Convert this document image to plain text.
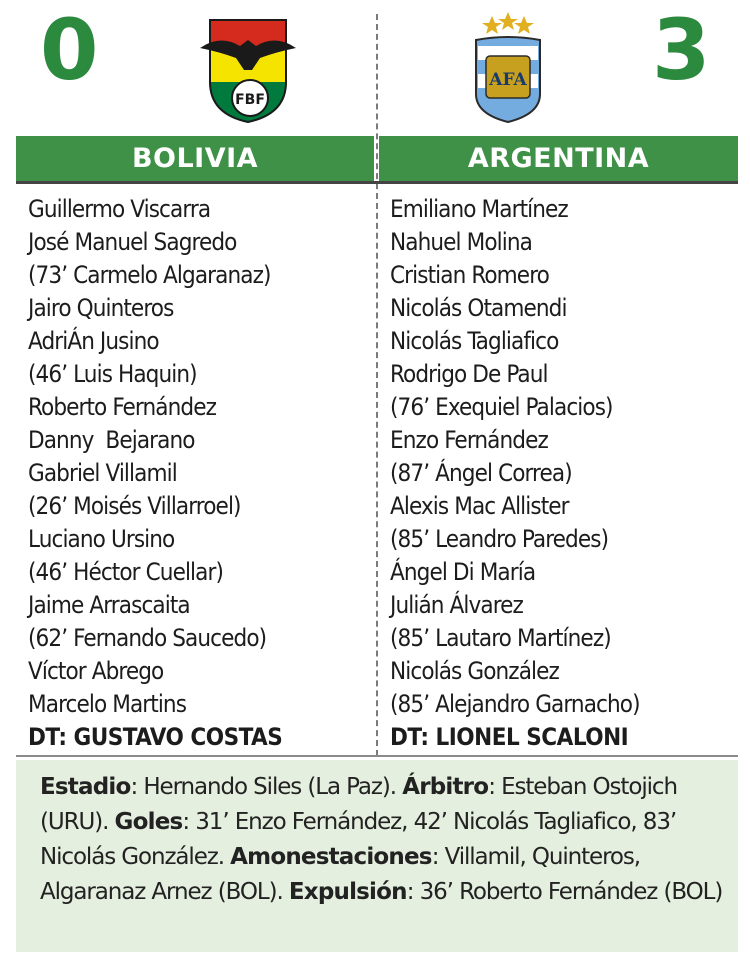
0	3
FBF
AFA
BOLIVIA	ARGENTINA
Guillermo Viscarra
José Manuel Sagredo
(73’ Carmelo Algaranaz)
Jairo Quinteros
AdriÁn Jusino
(46’ Luis Haquin)
Roberto Fernández
Danny  Bejarano
Gabriel Villamil
(26’ Moisés Villarroel)
Luciano Ursino
(46’ Héctor Cuellar)
Jaime Arrascaita
(62’ Fernando Saucedo)
Víctor Abrego
Marcelo Martins
DT: GUSTAVO COSTAS
Emiliano Martínez
Nahuel Molina
Cristian Romero
Nicolás Otamendi
Nicolás Tagliafico
Rodrigo De Paul
(76’ Exequiel Palacios)
Enzo Fernández
(87’ Ángel Correa)
Alexis Mac Allister
(85’ Leandro Paredes)
Ángel Di María
Julián Álvarez
(85’ Lautaro Martínez)
Nicolás González
(85’ Alejandro Garnacho)
DT: LIONEL SCALONI
Estadio: Hernando Siles (La Paz). Árbitro: Esteban Ostojich (URU). Goles: 31’ Enzo Fernández, 42’ Nicolás Tagliafico, 83’ Nicolás González. Amonestaciones: Villamil, Quinteros, Algaranaz Arnez (BOL). Expulsión: 36’ Roberto Fernández (BOL)
